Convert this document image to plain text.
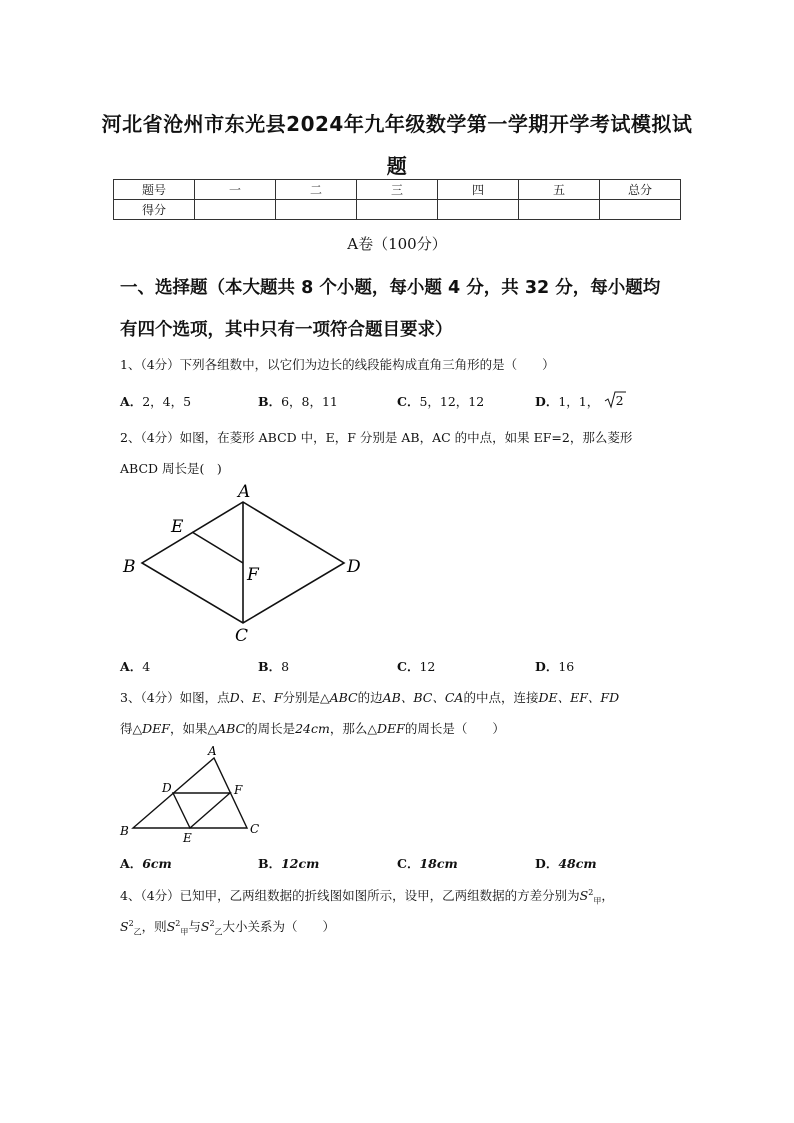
河北省沧州市东光县2024年九年级数学第一学期开学考试模拟试
题
题号	一	二	三	四	五	总分
得分						
A卷（100分）
一、选择题（本大题共 8 个小题，每小题 4 分，共 32 分，每小题均
有四个选项，其中只有一项符合题目要求）
1、（4分）下列各组数中，以它们为边长的线段能构成直角三角形的是（　　）
A．2，4，5	B．6，8，11	C．5，12，12	D．1，1， 2
2、（4分）如图，在菱形 ABCD 中，E，F 分别是 AB，AC 的中点，如果 EF=2，那么菱形
ABCD 周长是(　)
A
B
C
D
E
F
A．4	B．8	C．12	D．16
3、（4分）如图，点D、E、F分别是△ABC的边AB、BC、CA的中点，连接DE、EF、FD
得△DEF，如果△ABC的周长是24cm，那么△DEF的周长是（　　）
A
B	C
D
E
F
A．6cm	B．12cm	C．18cm	D．48cm
4、（4分）已知甲，乙两组数据的折线图如图所示，设甲，乙两组数据的方差分别为$S^2_甲$，
$S^2_乙$，则$S^2_甲$与$S^2_乙$大小关系为（　　）
